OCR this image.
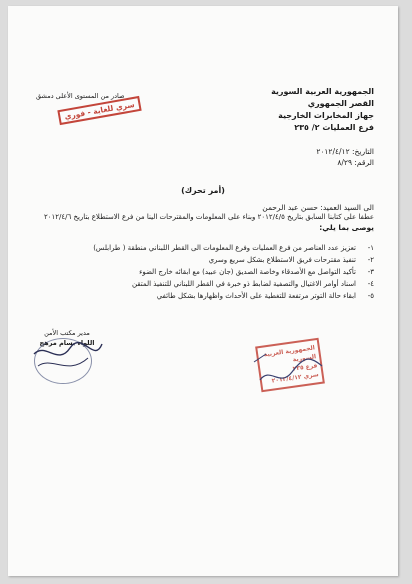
الجمهورية العربية السورية
القصر الجمهوري
جهاز المخابرات الخارجية
فرع العمليات ٢/ ٢٣٥
صادر من المستوى الأعلى دمشق
سري للغاية - فوري
التاريخ: ٢٠١٢/٤/١٢
الرقم: ٨/٢٩
(أمر تحرك)
الى السيد العميد: حسن عبد الرحمن
عطفا على كتابنا السابق بتاريخ ٢٠١٢/٤/٥ وبناء على المعلومات والمقترحات الينا من فرع الاستطلاع بتاريخ ٢٠١٢/٤/٦
يوصى بما يلي:
١-
تعزيز عدد العناصر من فرع العمليات وفرع المعلومات الى القطر اللبناني منطقة ( طرابلس)
٢-
تنفيذ مقترحات فريق الاستطلاع بشكل سريع وسري
٣-
تأكيد التواصل مع الأصدقاء وخاصة الصديق (جان عبيد) مع ابقائه خارج الضوء
٤-
اسناد أوامر الاغتيال والتصفية لضابط ذو خبرة في القطر اللبناني للتنفيذ المتقن
٥-
ابقاء حالة التوتر مرتفعة للتغطية على الأحداث واظهارها بشكل طائفي
مدير مكتب الأمن
اللواء بسام مرهج
الجمهورية العربية السورية
فرع ٢٣٥
سري ٢٠١٢/٤/١٢
